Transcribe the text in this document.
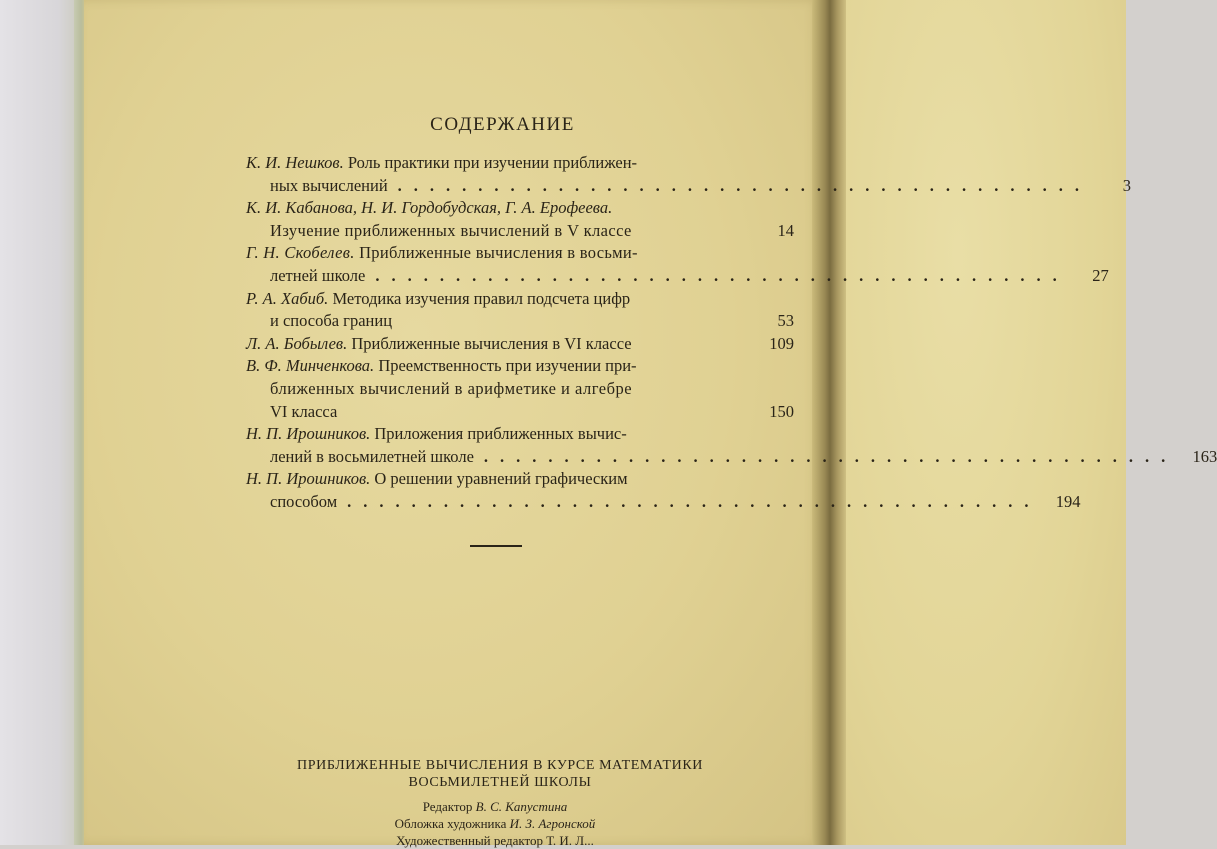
СОДЕРЖАНИЕ
К. И. Нешков. Роль практики при изучении приближен-
ных вычислений ...........................................	3
К. И. Кабанова, Н. И. Гордобудская, Г. А. Ерофеева.
Изучение приближенных вычислений в V классе	14
Г. Н. Скобелев. Приближенные вычисления в восьми-
летней школе ...........................................	27
Р. А. Хабиб. Методика изучения правил подсчета цифр
и способа границ	53
Л. А. Бобылев. Приближенные вычисления в VI классе	109
В. Ф. Минченкова. Преемственность при изучении при-
ближенных вычислений в арифметике и алгебре
VI класса	150
Н. П. Ирошников. Приложения приближенных вычис-
лений в восьмилетней школе ........................................... 163
Н. П. Ирошников. О решении уравнений графическим
способом ........................................... 194
ПРИБЛИЖЕННЫЕ ВЫЧИСЛЕНИЯ В КУРСЕ МАТЕМАТИКИ
ВОСЬМИЛЕТНЕЙ ШКОЛЫ
Редактор В. С. Капустина
Обложка художника И. З. Агронской
Художественный редактор Т. И. Л...
